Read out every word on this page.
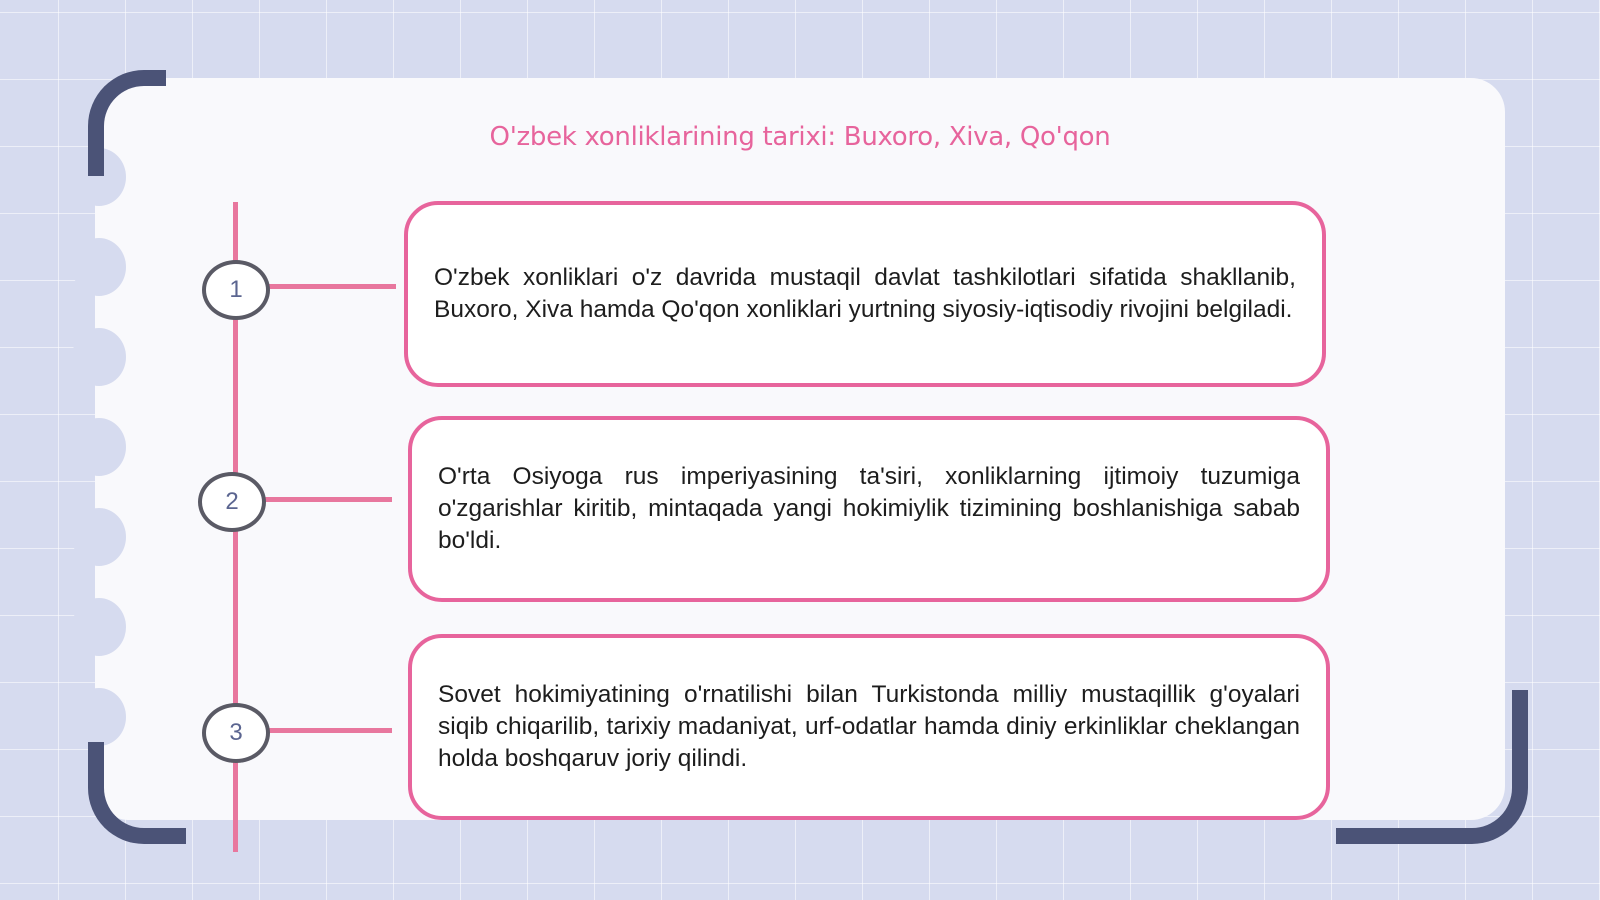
O'zbek xonliklarining tarixi: Buxoro, Xiva, Qo'qon
1
2
3
O'zbek xonliklari o'z davrida mustaqil davlat tashkilotlari sifatida shakllanib, Buxoro, Xiva hamda Qo'qon xonliklari yurtning siyosiy-iqtisodiy rivojini belgiladi.
O'rta Osiyoga rus imperiyasining ta'siri, xonliklarning ijtimoiy tuzumiga o'zgarishlar kiritib, mintaqada yangi hokimiylik tizimining boshlanishiga sabab bo'ldi.
Sovet hokimiyatining o'rnatilishi bilan Turkistonda milliy mustaqillik g'oyalari siqib chiqarilib, tarixiy madaniyat, urf-odatlar hamda diniy erkinliklar cheklangan holda boshqaruv joriy qilindi.
